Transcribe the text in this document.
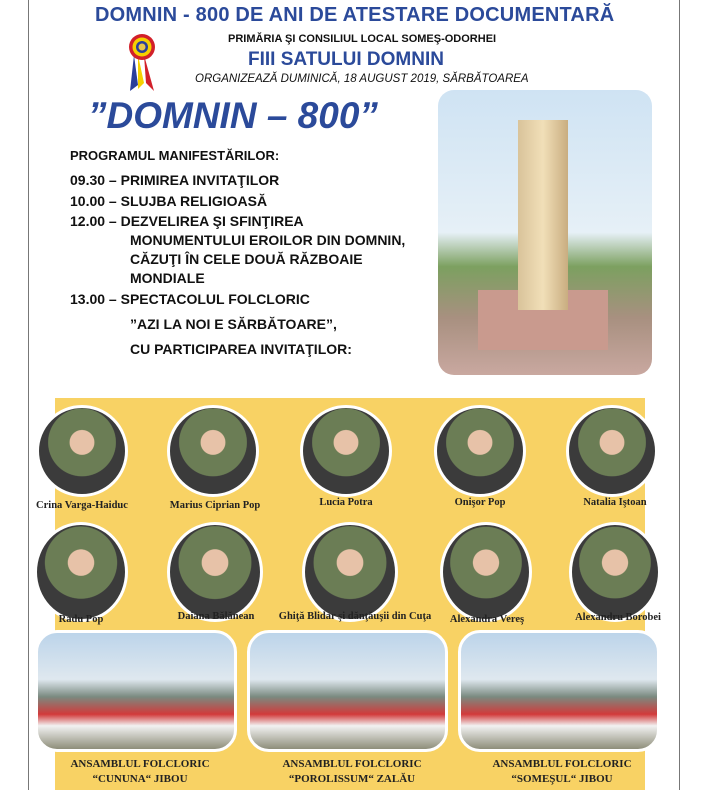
DOMNIN - 800 DE ANI DE ATESTARE DOCUMENTARĂ
PRIMĂRIA ŞI CONSILIUL LOCAL SOMEŞ-ODORHEI
FIII SATULUI DOMNIN
ORGANIZEAZĂ DUMINICĂ, 18 AUGUST 2019, SĂRBĂTOAREA
”DOMNIN – 800”
PROGRAMUL MANIFESTĂRILOR:
09.30 – PRIMIREA INVITAŢILOR
10.00 – SLUJBA RELIGIOASĂ
12.00 – DEZVELIREA ŞI SFINŢIREA
MONUMENTULUI EROILOR DIN DOMNIN,
CĂZUŢI ÎN CELE DOUĂ RĂZBOAIE
MONDIALE
13.00 – SPECTACOLUL FOLCLORIC
”AZI LA NOI E SĂRBĂTOARE”,
CU PARTICIPAREA INVITAŢILOR:
Crina Varga-Haiduc	Marius Ciprian Pop	Lucia Potra	Onişor Pop	Natalia Iştoan
Radu Pop	Daiana Bălănean	Ghiţă Blidar şi dănţăuşii din Cuţa	Alexandra Vereş	Alexandru Borobei
ANSAMBLUL FOLCLORIC
“CUNUNA“ JIBOU
ANSAMBLUL FOLCLORIC
“POROLISSUM“ ZALĂU
ANSAMBLUL FOLCLORIC
“SOMEŞUL“ JIBOU
